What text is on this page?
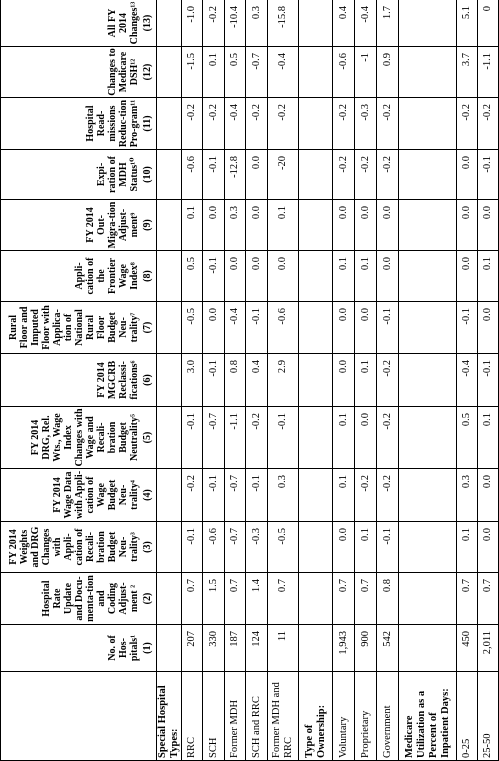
	No. of Hos-pitals¹ (1)	Hospital Rate Update and Docu-menta-tion and Coding Adjust-ment ² (2)	FY 2014 Weights and DRG Changes with Appli-cation of Recali-bration Budget Neu-trality³ (3)	FY 2014 Wage Data with Appli-cation of Wage Budget Neu-trality⁴ (4)	FY 2014 DRG, Rel. Wts., Wage Index Changes with Wage and Recali-bration Budget Neutrality⁵ (5)	FY 2014 MGCRB Reclassi-fications⁶ (6)	Rural Floor and Imputed Floor with Applica-tion of National Rural Floor Budget Neu-trality⁷ (7)	Appli-cation of the Frontier Wage Index⁸ (8)	FY 2014 Out-Migra-tion Adjust-ment⁹ (9)	Expi-ration of MDH Status¹⁰ (10)	Hospital Read-missions Reduc-tion Pro-gram¹¹ (11)	Changes to Medicare DSH¹² (12)	All FY 2014 Changes¹³ (13)

Special Hospital Types:													
RRC	207	0.7	-0.1	-0.2	-0.1	3.0	-0.5	0.5	0.1	-0.6	-0.2	-1.5	-1.0
SCH	330	1.5	-0.6	-0.1	-0.7	-0.1	0.0	-0.1	0.0	-0.1	-0.2	0.1	-0.2
Former MDH	187	0.7	-0.7	-0.7	-1.1	0.8	-0.4	0.0	0.3	-12.8	-0.4	0.5	-10.4
SCH and RRC	124	1.4	-0.3	-0.1	-0.2	0.4	-0.1	0.0	0.0	0.0	-0.2	-0.7	0.3
Former MDH and RRC	11	0.7	-0.5	0.3	-0.1	2.9	-0.6	0.0	0.1	-20	-0.2	-0.4	-15.8
Type of Ownership:													
Voluntary	1,943	0.7	0.0	0.1	0.1	0.0	0.0	0.1	0.0	-0.2	-0.2	-0.6	0.4
Proprietary	900	0.7	0.1	-0.2	0.0	0.1	0.0	0.1	0.0	-0.2	-0.3	-1	-0.4
Government	542	0.8	-0.1	-0.2	-0.2	-0.2	-0.1	0.0	0.0	-0.2	-0.2	0.9	1.7
Medicare Utilization as a Percent of Inpatient Days:													
0-25	450	0.7	0.1	0.3	0.5	-0.4	-0.1	0.0	0.0	0.0	-0.2	3.7	5.1
25-50	2,011	0.7	0.0	0.0	0.1	-0.1	0.0	0.1	0.0	-0.1	-0.2	-1.1	0
